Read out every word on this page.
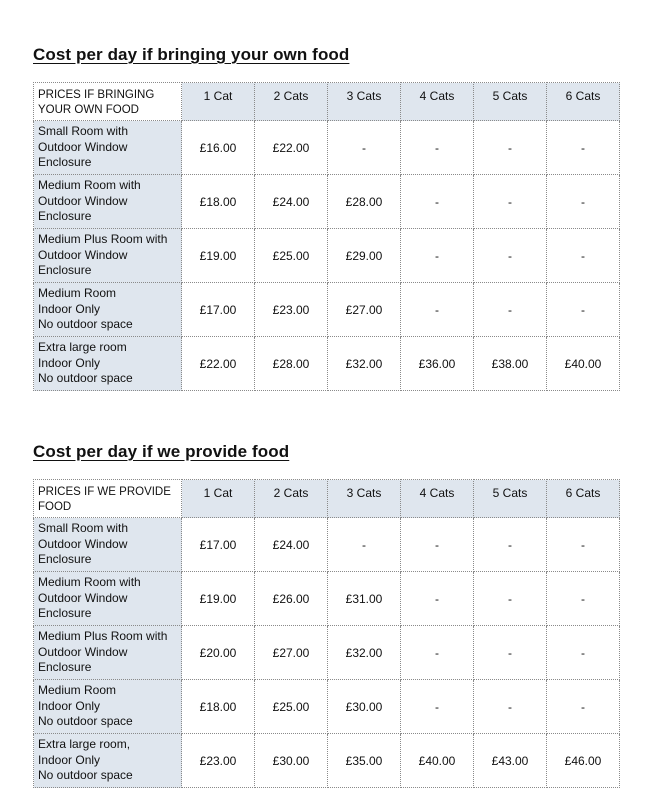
Cost per day if bringing your own food
PRICES IF BRINGING YOUR OWN FOOD	1 Cat	2 Cats	3 Cats	4 Cats	5 Cats	6 Cats

Small Room with
Outdoor Window
Enclosure	£16.00	£22.00	-	-	-	-

Medium Room with
Outdoor Window
Enclosure	£18.00	£24.00	£28.00	-	-	-

Medium Plus Room with
Outdoor Window
Enclosure	£19.00	£25.00	£29.00	-	-	-

Medium Room
Indoor Only
No outdoor space	£17.00	£23.00	£27.00	-	-	-

Extra large room
Indoor Only
No outdoor space	£22.00	£28.00	£32.00	£36.00	£38.00	£40.00
Cost per day if we provide food
PRICES IF WE PROVIDE FOOD	1 Cat	2 Cats	3 Cats	4 Cats	5 Cats	6 Cats

Small Room with
Outdoor Window
Enclosure	£17.00	£24.00	-	-	-	-

Medium Room with
Outdoor Window
Enclosure	£19.00	£26.00	£31.00	-	-	-

Medium Plus Room with
Outdoor Window
Enclosure	£20.00	£27.00	£32.00	-	-	-

Medium Room
Indoor Only
No outdoor space	£18.00	£25.00	£30.00	-	-	-

Extra large room,
Indoor Only
No outdoor space	£23.00	£30.00	£35.00	£40.00	£43.00	£46.00
